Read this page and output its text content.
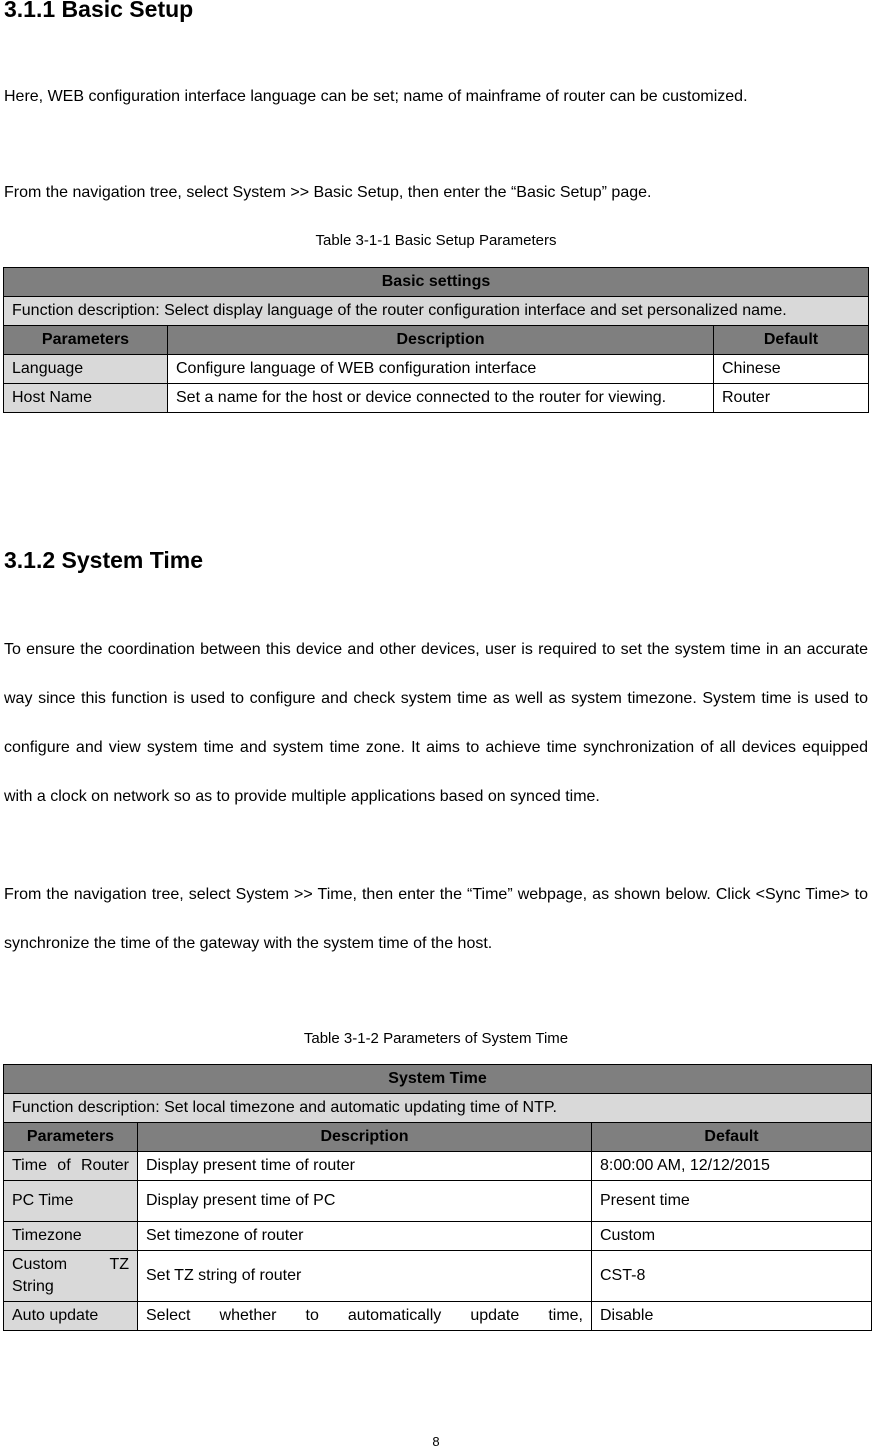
3.1.1 Basic Setup

Here, WEB configuration interface language can be set; name of mainframe of router can be customized.

From the navigation tree, select System >> Basic Setup, then enter the “Basic Setup” page.

Table 3-1-1 Basic Setup Parameters

Basic settings		
Function description: Select display language of the router configuration interface and set personalized name.		
Parameters	Description	Default
Language	Configure language of WEB configuration interface	Chinese
Host Name	Set a name for the host or device connected to the router for viewing.	Router
3.1.2 System Time

To ensure the coordination between this device and other devices, user is required to set the system time in an accurate way since this function is used to configure and check system time as well as system timezone. System time is used to configure and view system time and system time zone. It aims to achieve time synchronization of all devices equipped with a clock on network so as to provide multiple applications based on synced time.

From the navigation tree, select System >> Time, then enter the “Time” webpage, as shown below. Click <Sync Time> to synchronize the time of the gateway with the system time of the host.

Table 3-1-2 Parameters of System Time

System Time		
Function description: Set local timezone and automatic updating time of NTP.		
Parameters	Description	Default
Time of Router	Display present time of router	8:00:00 AM, 12/12/2015
PC Time	Display present time of PC	Present time
Timezone	Set timezone of router	Custom
Custom TZ String	Set TZ string of router	CST-8
Auto update	Select whether to automatically update time,	Disable
8
